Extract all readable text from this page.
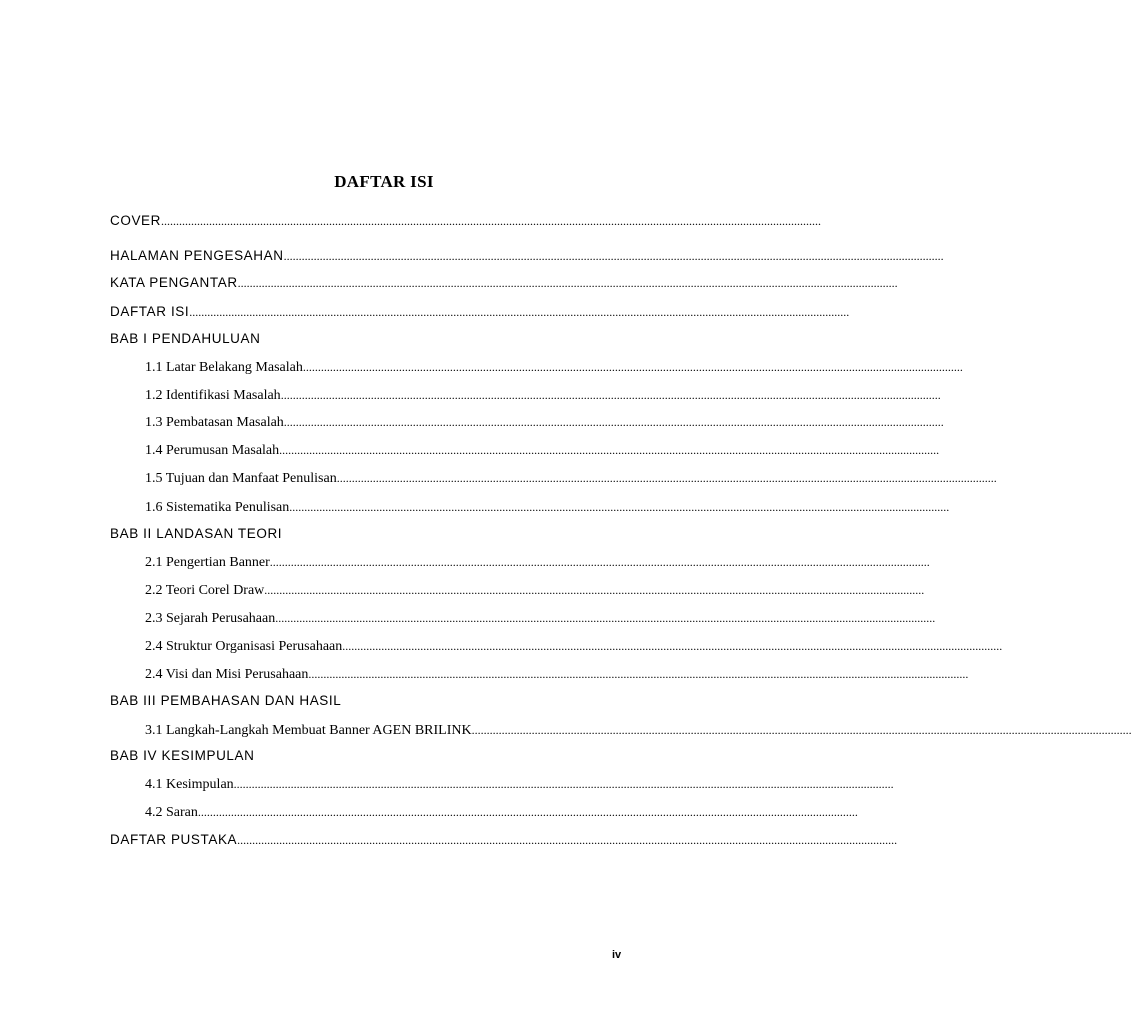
DAFTAR ISI
COVER............................................................................................................................................................................................................................
HALAMAN PENGESAHAN............................................................................................................................................................................................................................
KATA PENGANTAR............................................................................................................................................................................................................................
DAFTAR ISI............................................................................................................................................................................................................................
BAB I PENDAHULUAN
1.1 Latar Belakang Masalah............................................................................................................................................................................................................................
1.2 Identifikasi Masalah............................................................................................................................................................................................................................
1.3 Pembatasan Masalah............................................................................................................................................................................................................................
1.4 Perumusan Masalah............................................................................................................................................................................................................................
1.5 Tujuan dan Manfaat Penulisan............................................................................................................................................................................................................................
1.6 Sistematika Penulisan............................................................................................................................................................................................................................
BAB II LANDASAN TEORI
2.1 Pengertian Banner............................................................................................................................................................................................................................
2.2 Teori Corel Draw............................................................................................................................................................................................................................
2.3 Sejarah Perusahaan............................................................................................................................................................................................................................
2.4 Struktur Organisasi Perusahaan............................................................................................................................................................................................................................
2.4 Visi dan Misi Perusahaan............................................................................................................................................................................................................................
BAB III PEMBAHASAN DAN HASIL
3.1 Langkah-Langkah Membuat Banner AGEN BRILINK............................................................................................................................................................................................................................
BAB IV KESIMPULAN
4.1 Kesimpulan............................................................................................................................................................................................................................
4.2 Saran............................................................................................................................................................................................................................
DAFTAR PUSTAKA............................................................................................................................................................................................................................
iv
